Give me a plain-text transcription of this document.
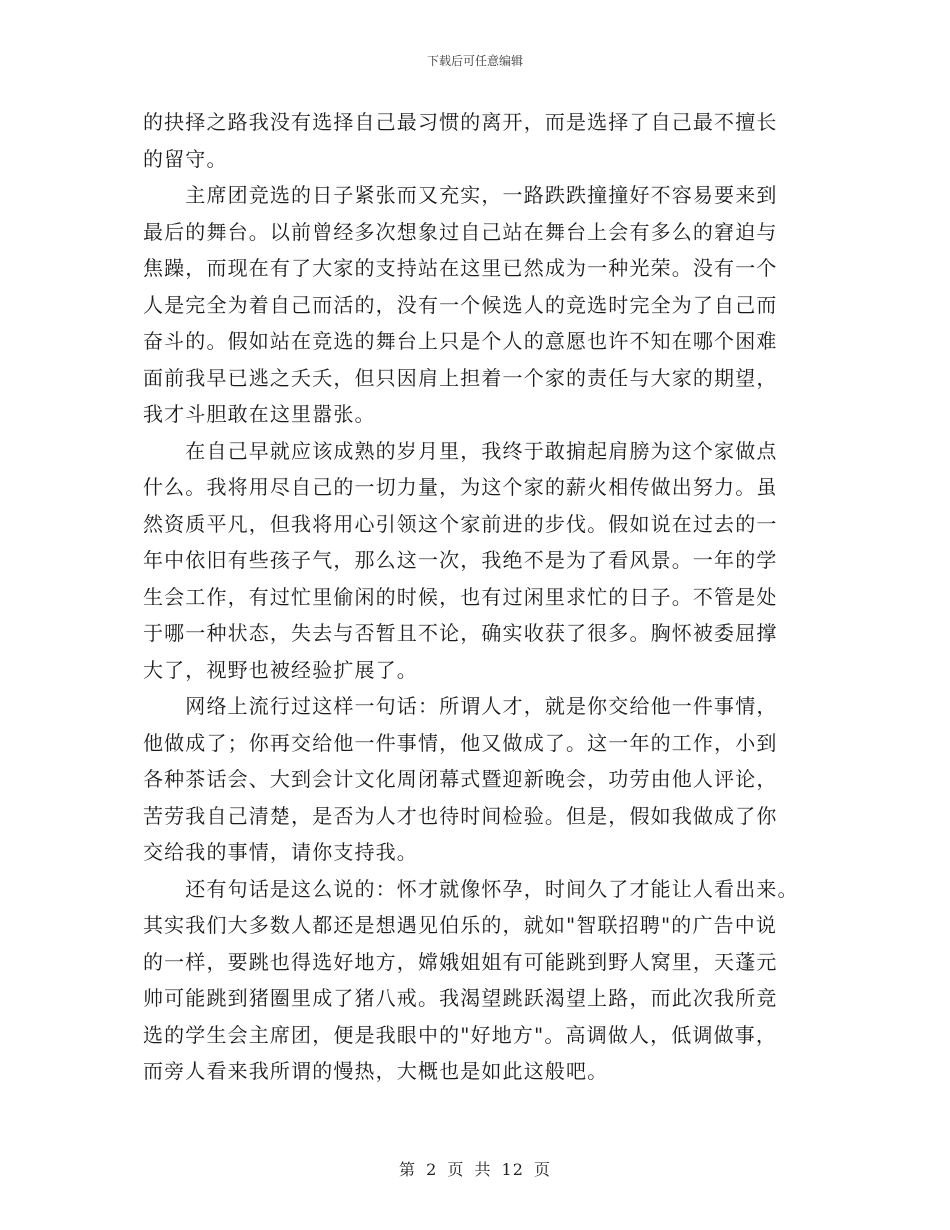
下载后可任意编辑
的抉择之路我没有选择自己最习惯的离开，而是选择了自己最不擅长
的留守。
　　主席团竞选的日子紧张而又充实，一路跌跌撞撞好不容易要来到
最后的舞台。以前曾经多次想象过自己站在舞台上会有多么的窘迫与
焦躁，而现在有了大家的支持站在这里已然成为一种光荣。没有一个
人是完全为着自己而活的，没有一个候选人的竞选时完全为了自己而
奋斗的。假如站在竞选的舞台上只是个人的意愿也许不知在哪个困难
面前我早已逃之夭夭，但只因肩上担着一个家的责任与大家的期望，
我才斗胆敢在这里嚣张。
　　在自己早就应该成熟的岁月里，我终于敢掮起肩膀为这个家做点
什么。我将用尽自己的一切力量，为这个家的薪火相传做出努力。虽
然资质平凡，但我将用心引领这个家前进的步伐。假如说在过去的一
年中依旧有些孩子气，那么这一次，我绝不是为了看风景。一年的学
生会工作，有过忙里偷闲的时候，也有过闲里求忙的日子。不管是处
于哪一种状态，失去与否暂且不论，确实收获了很多。胸怀被委屈撑
大了，视野也被经验扩展了。
　　网络上流行过这样一句话：所谓人才，就是你交给他一件事情，
他做成了；你再交给他一件事情，他又做成了。这一年的工作，小到
各种茶话会、大到会计文化周闭幕式暨迎新晚会，功劳由他人评论，
苦劳我自己清楚，是否为人才也待时间检验。但是，假如我做成了你
交给我的事情，请你支持我。
　　还有句话是这么说的：怀才就像怀孕，时间久了才能让人看出来。
其实我们大多数人都还是想遇见伯乐的，就如"智联招聘"的广告中说
的一样，要跳也得选好地方，嫦娥姐姐有可能跳到野人窝里，天蓬元
帅可能跳到猪圈里成了猪八戒。我渴望跳跃渴望上路，而此次我所竞
选的学生会主席团，便是我眼中的"好地方"。高调做人，低调做事，
而旁人看来我所谓的慢热，大概也是如此这般吧。
第 2 页 共 12 页
